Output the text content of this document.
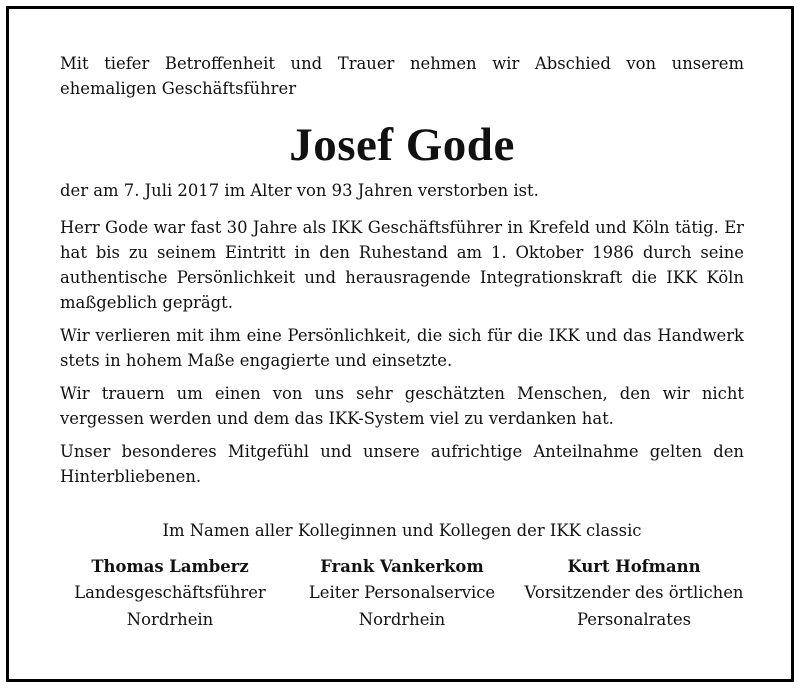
Mit tiefer Betroffenheit und Trauer nehmen wir Abschied von unserem ehemaligen Geschäftsführer

Josef Gode

der am 7. Juli 2017 im Alter von 93 Jahren verstorben ist.

Herr Gode war fast 30 Jahre als IKK Geschäftsführer in Krefeld und Köln tätig. Er hat bis zu seinem Eintritt in den Ruhestand am 1. Oktober 1986 durch seine authentische Persönlichkeit und herausragende Integrationskraft die IKK Köln maßgeblich geprägt.

Wir verlieren mit ihm eine Persönlichkeit, die sich für die IKK und das Handwerk stets in hohem Maße engagierte und einsetzte.

Wir trauern um einen von uns sehr geschätzten Menschen, den wir nicht vergessen werden und dem das IKK-System viel zu verdanken hat.

Unser besonderes Mitgefühl und unsere aufrichtige Anteilnahme gelten den Hinterbliebenen.

Im Namen aller Kolleginnen und Kollegen der IKK classic

Thomas Lamberz
Landesgeschäftsführer
Nordrhein
Frank Vankerkom
Leiter Personalservice
Nordrhein
Kurt Hofmann
Vorsitzender des örtlichen
Personalrates
